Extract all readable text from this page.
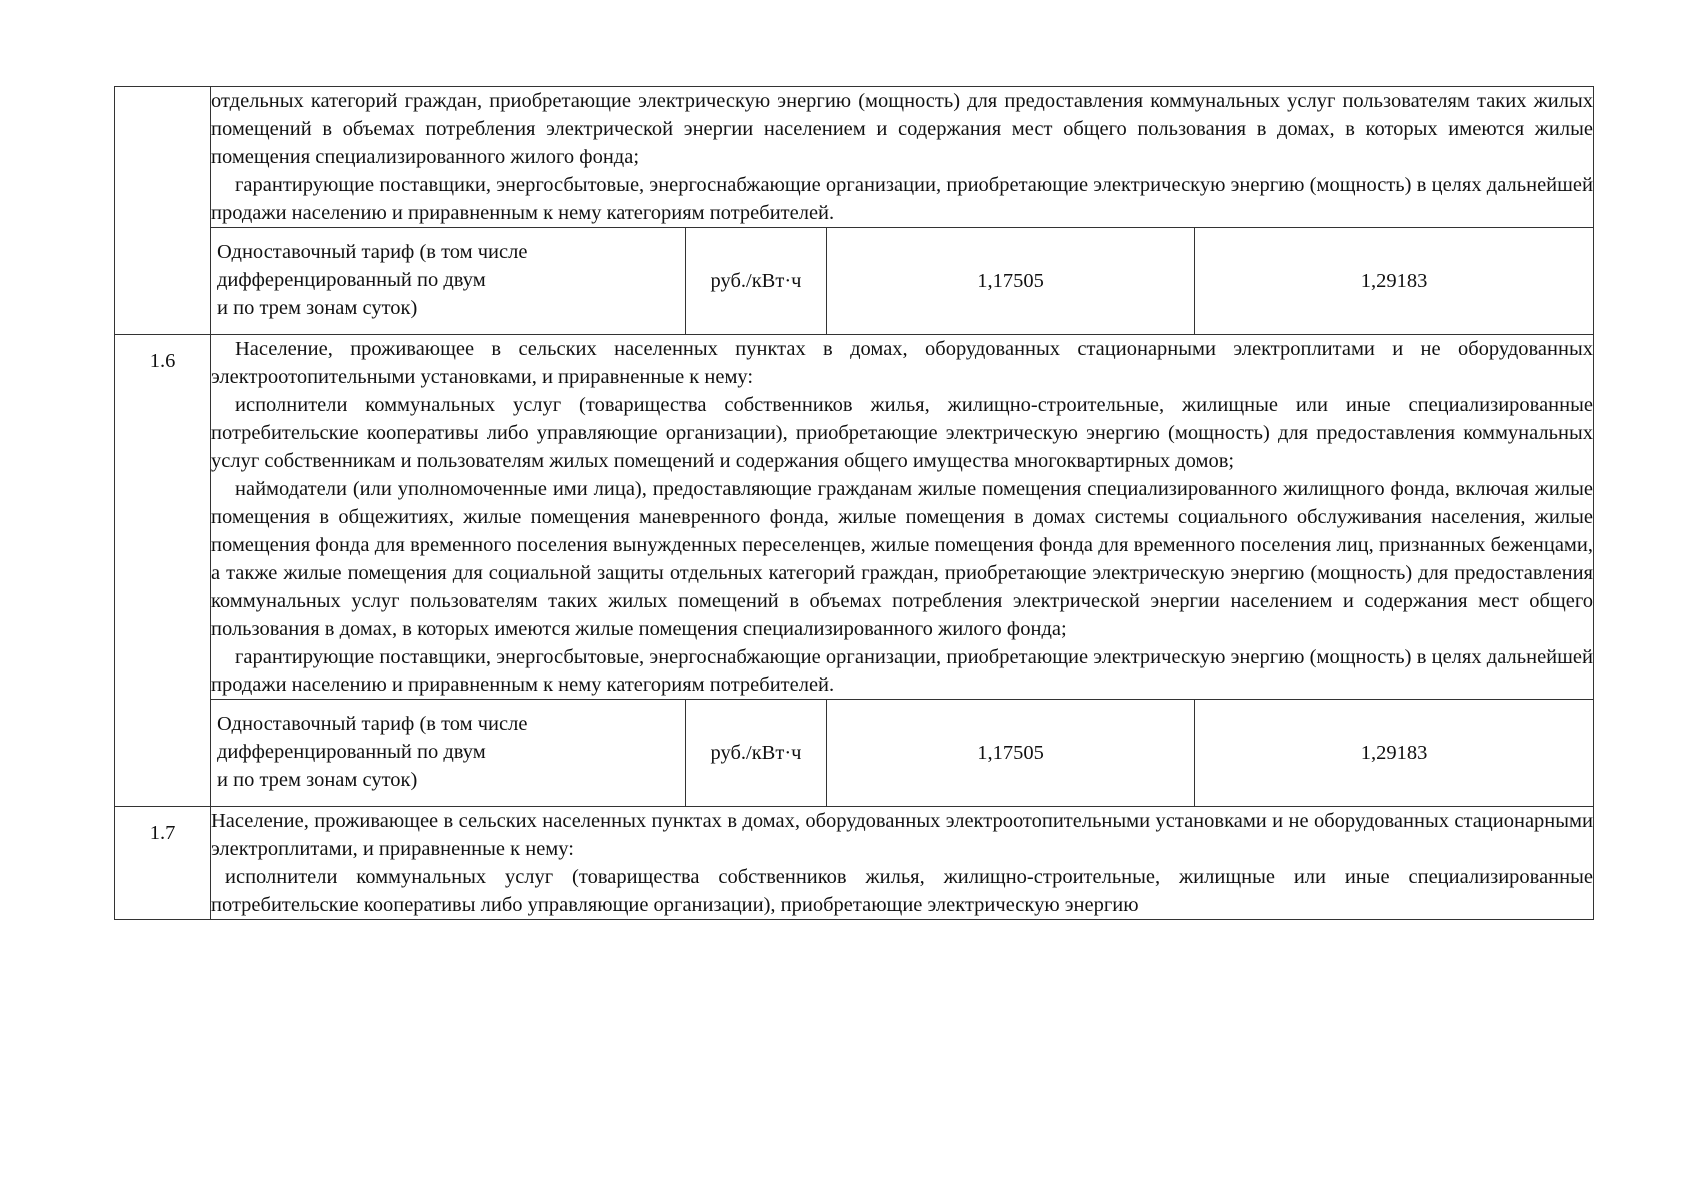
	отдельных категорий граждан, приобретающие электрическую энергию (мощность) для предоставления коммунальных услуг пользователям таких жилых помещений в объемах потребления электрической энергии населением и содержания мест общего пользования в домах, в которых имеются жилые помещения специализированного жилого фонда;

гарантирующие поставщики, энергосбытовые, энергоснабжающие организации, приобретающие электрическую энергию (мощность) в целях дальнейшей продажи населению и приравненным к нему категориям потребителей.			

	Одноставочный тариф (в том числе
дифференцированный по двум
и по трем зонам суток)	руб./кВт·ч	1,17505	1,29183
1.6	Население, проживающее в сельских населенных пунктах в домах, оборудованных стационарными электроплитами и не оборудованных электроотопительными установками, и приравненные к нему:

исполнители коммунальных услуг (товарищества собственников жилья, жилищно-строительные, жилищные или иные специализированные потребительские кооперативы либо управляющие организации), приобретающие электрическую энергию (мощность) для предоставления коммунальных услуг собственникам и пользователям жилых помещений и содержания общего имущества многоквартирных домов;

наймодатели (или уполномоченные ими лица), предоставляющие гражданам жилые помещения специализированного жилищного фонда, включая жилые помещения в общежитиях, жилые помещения маневренного фонда, жилые помещения в домах системы социального обслуживания населения, жилые помещения фонда для временного поселения вынужденных переселенцев, жилые помещения фонда для временного поселения лиц, признанных беженцами, а также жилые помещения для социальной защиты отдельных категорий граждан, приобретающие электрическую энергию (мощность) для предоставления коммунальных услуг пользователям таких жилых помещений в объемах потребления электрической энергии населением и содержания мест общего пользования в домах, в которых имеются жилые помещения специализированного жилого фонда;

гарантирующие поставщики, энергосбытовые, энергоснабжающие организации, приобретающие электрическую энергию (мощность) в целях дальнейшей продажи населению и приравненным к нему категориям потребителей.			

	Одноставочный тариф (в том числе
дифференцированный по двум
и по трем зонам суток)	руб./кВт·ч	1,17505	1,29183
1.7	Население, проживающее в сельских населенных пунктах в домах, оборудованных электроотопительными установками и не оборудованных стационарными электроплитами, и приравненные к нему:

исполнители коммунальных услуг (товарищества собственников жилья, жилищно-строительные, жилищные или иные специализированные потребительские кооперативы либо управляющие организации), приобретающие электрическую энергию			
